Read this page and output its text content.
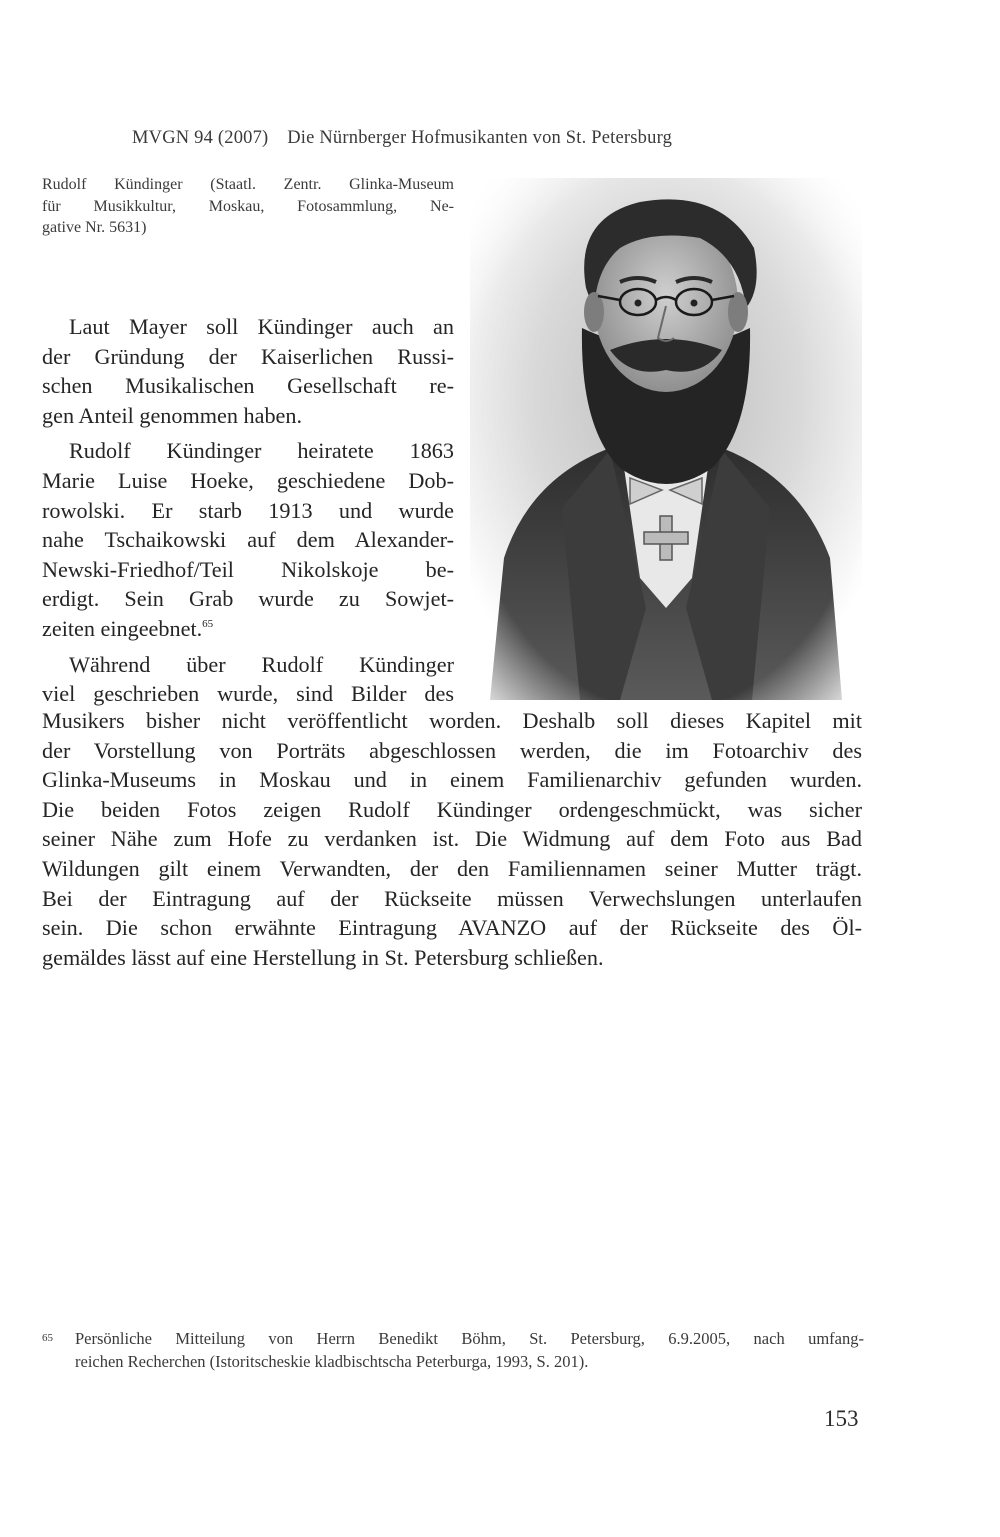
MVGN 94 (2007) Die Nürnberger Hofmusikanten von St. Petersburg
Rudolf Kündinger (Staatl. Zentr. Glinka-Museum
für Musikkultur, Moskau, Fotosammlung, Ne-
gative Nr. 5631)
Laut Mayer soll Kündinger auch an
der Gründung der Kaiserlichen Russi-
schen Musikalischen Gesellschaft re-
gen Anteil genommen haben.
Rudolf Kündinger heiratete 1863
Marie Luise Hoeke, geschiedene Dob-
rowolski. Er starb 1913 und wurde
nahe Tschaikowski auf dem Alexander-
Newski-Friedhof/Teil Nikolskoje be-
erdigt. Sein Grab wurde zu Sowjet-
zeiten eingeebnet.$^{65}$
Während über Rudolf Kündinger
viel geschrieben wurde, sind Bilder des
Musikers bisher nicht veröffentlicht worden. Deshalb soll dieses Kapitel mit
der Vorstellung von Porträts abgeschlossen werden, die im Fotoarchiv des
Glinka-Museums in Moskau und in einem Familienarchiv gefunden wurden.
Die beiden Fotos zeigen Rudolf Kündinger ordengeschmückt, was sicher
seiner Nähe zum Hofe zu verdanken ist. Die Widmung auf dem Foto aus Bad
Wildungen gilt einem Verwandten, der den Familiennamen seiner Mutter trägt.
Bei der Eintragung auf der Rückseite müssen Verwechslungen unterlaufen
sein. Die schon erwähnte Eintragung AVANZO auf der Rückseite des Öl-
gemäldes lässt auf eine Herstellung in St. Petersburg schließen.
65 Persönliche Mitteilung von Herrn Benedikt Böhm, St. Petersburg, 6.9.2005, nach umfang-
reichen Recherchen (Istoritscheskie kladbischtscha Peterburga, 1993, S. 201).
153
